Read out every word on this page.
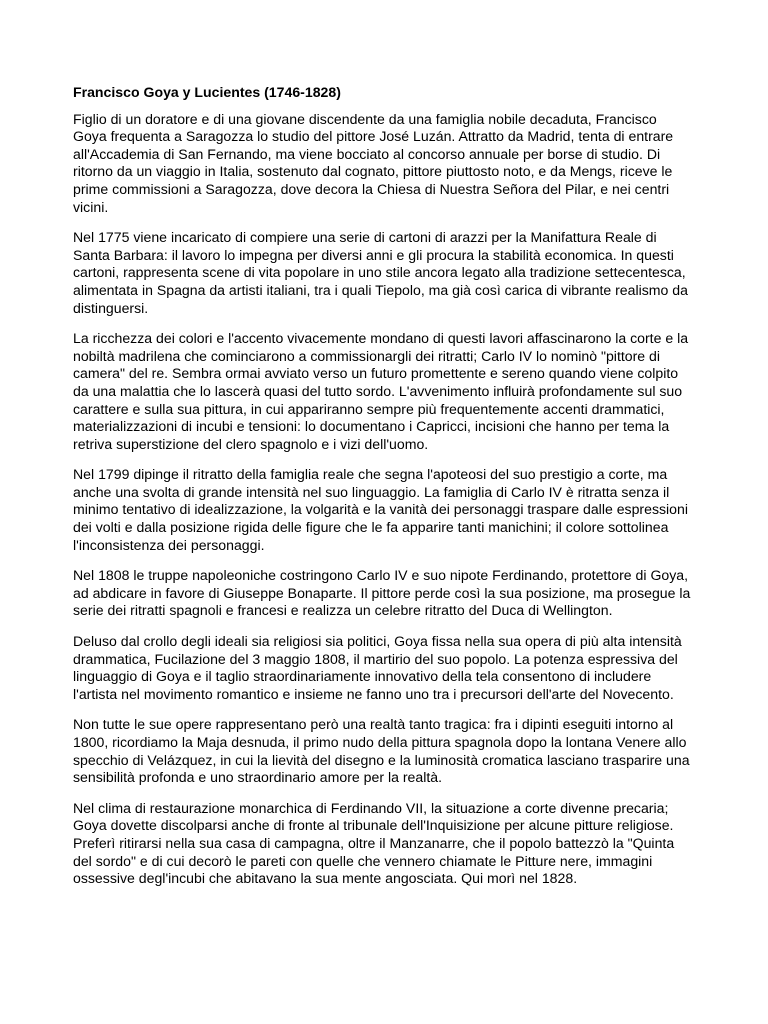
Francisco Goya y Lucientes (1746-1828)
Figlio di un doratore e di una giovane discendente da una famiglia nobile decaduta, Francisco
Goya frequenta a Saragozza lo studio del pittore José Luzán. Attratto da Madrid, tenta di entrare
all'Accademia di San Fernando, ma viene bocciato al concorso annuale per borse di studio. Di
ritorno da un viaggio in Italia, sostenuto dal cognato, pittore piuttosto noto, e da Mengs, riceve le
prime commissioni a Saragozza, dove decora la Chiesa di Nuestra Señora del Pilar, e nei centri
vicini.
Nel 1775 viene incaricato di compiere una serie di cartoni di arazzi per la Manifattura Reale di
Santa Barbara: il lavoro lo impegna per diversi anni e gli procura la stabilità economica. In questi
cartoni, rappresenta scene di vita popolare in uno stile ancora legato alla tradizione settecentesca,
alimentata in Spagna da artisti italiani, tra i quali Tiepolo, ma già così carica di vibrante realismo da
distinguersi.
La ricchezza dei colori e l'accento vivacemente mondano di questi lavori affascinarono la corte e la
nobiltà madrilena che cominciarono a commissionargli dei ritratti; Carlo IV lo nominò "pittore di
camera" del re. Sembra ormai avviato verso un futuro promettente e sereno quando viene colpito
da una malattia che lo lascerà quasi del tutto sordo. L'avvenimento influirà profondamente sul suo
carattere e sulla sua pittura, in cui appariranno sempre più frequentemente accenti drammatici,
materializzazioni di incubi e tensioni: lo documentano i Capricci, incisioni che hanno per tema la
retriva superstizione del clero spagnolo e i vizi dell'uomo.
Nel 1799 dipinge il ritratto della famiglia reale che segna l'apoteosi del suo prestigio a corte, ma
anche una svolta di grande intensità nel suo linguaggio. La famiglia di Carlo IV è ritratta senza il
minimo tentativo di idealizzazione, la volgarità e la vanità dei personaggi traspare dalle espressioni
dei volti e dalla posizione rigida delle figure che le fa apparire tanti manichini; il colore sottolinea
l'inconsistenza dei personaggi.
Nel 1808 le truppe napoleoniche costringono Carlo IV e suo nipote Ferdinando, protettore di Goya,
ad abdicare in favore di Giuseppe Bonaparte. Il pittore perde così la sua posizione, ma prosegue la
serie dei ritratti spagnoli e francesi e realizza un celebre ritratto del Duca di Wellington.
Deluso dal crollo degli ideali sia religiosi sia politici, Goya fissa nella sua opera di più alta intensità
drammatica, Fucilazione del 3 maggio 1808, il martirio del suo popolo. La potenza espressiva del
linguaggio di Goya e il taglio straordinariamente innovativo della tela consentono di includere
l'artista nel movimento romantico e insieme ne fanno uno tra i precursori dell'arte del Novecento.
Non tutte le sue opere rappresentano però una realtà tanto tragica: fra i dipinti eseguiti intorno al
1800, ricordiamo la Maja desnuda, il primo nudo della pittura spagnola dopo la lontana Venere allo
specchio di Velázquez, in cui la lievità del disegno e la luminosità cromatica lasciano trasparire una
sensibilità profonda e uno straordinario amore per la realtà.
Nel clima di restaurazione monarchica di Ferdinando VII, la situazione a corte divenne precaria;
Goya dovette discolparsi anche di fronte al tribunale dell'Inquisizione per alcune pitture religiose.
Preferì ritirarsi nella sua casa di campagna, oltre il Manzanarre, che il popolo battezzò la "Quinta
del sordo" e di cui decorò le pareti con quelle che vennero chiamate le Pitture nere, immagini
ossessive degl'incubi che abitavano la sua mente angosciata. Qui morì nel 1828.
